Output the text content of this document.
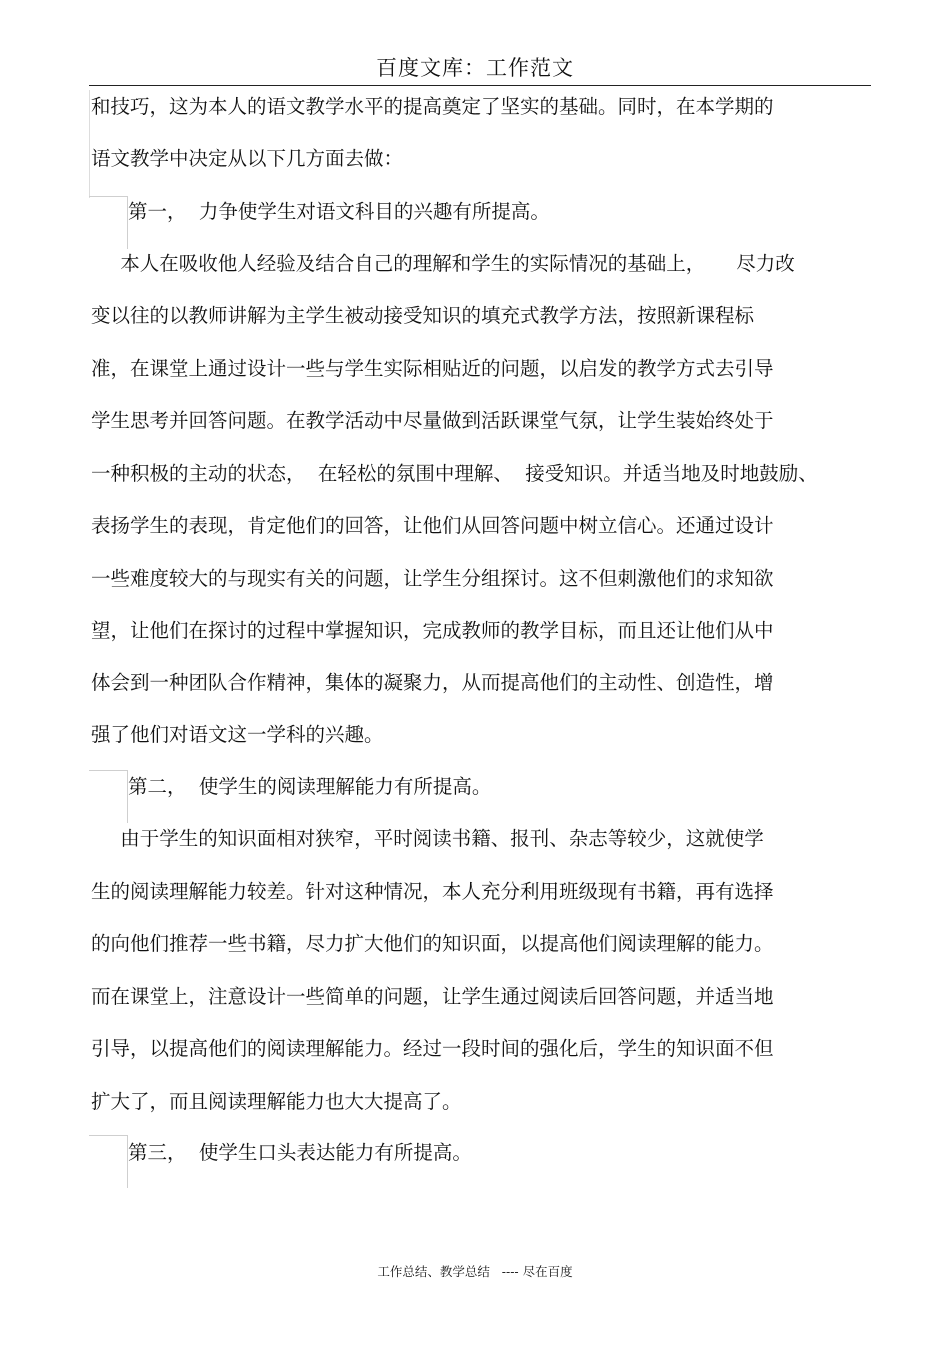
百度文库：工作范文
和技巧，这为本人的语文教学水平的提高奠定了坚实的基础。同时，在本学期的
语文教学中决定从以下几方面去做：
第一，  力争使学生对语文科目的兴趣有所提高。
本人在吸收他人经验及结合自己的理解和学生的实际情况的基础上，     尽力改
变以往的以教师讲解为主学生被动接受知识的填充式教学方法，按照新课程标
准，在课堂上通过设计一些与学生实际相贴近的问题，以启发的教学方式去引导
学生思考并回答问题。在教学活动中尽量做到活跃课堂气氛，让学生装始终处于
一种积极的主动的状态，  在轻松的氛围中理解、  接受知识。并适当地及时地鼓励、
表扬学生的表现，肯定他们的回答，让他们从回答问题中树立信心。还通过设计
一些难度较大的与现实有关的问题，让学生分组探讨。这不但刺激他们的求知欲
望，让他们在探讨的过程中掌握知识，完成教师的教学目标，而且还让他们从中
体会到一种团队合作精神，集体的凝聚力，从而提高他们的主动性、创造性，增
强了他们对语文这一学科的兴趣。
第二，  使学生的阅读理解能力有所提高。
由于学生的知识面相对狭窄，平时阅读书籍、报刊、杂志等较少，这就使学
生的阅读理解能力较差。针对这种情况，本人充分利用班级现有书籍，再有选择
的向他们推荐一些书籍，尽力扩大他们的知识面，以提高他们阅读理解的能力。
而在课堂上，注意设计一些简单的问题，让学生通过阅读后回答问题，并适当地
引导，以提高他们的阅读理解能力。经过一段时间的强化后，学生的知识面不但
扩大了，而且阅读理解能力也大大提高了。
第三，  使学生口头表达能力有所提高。
工作总结、教学总结   ---- 尽在百度
